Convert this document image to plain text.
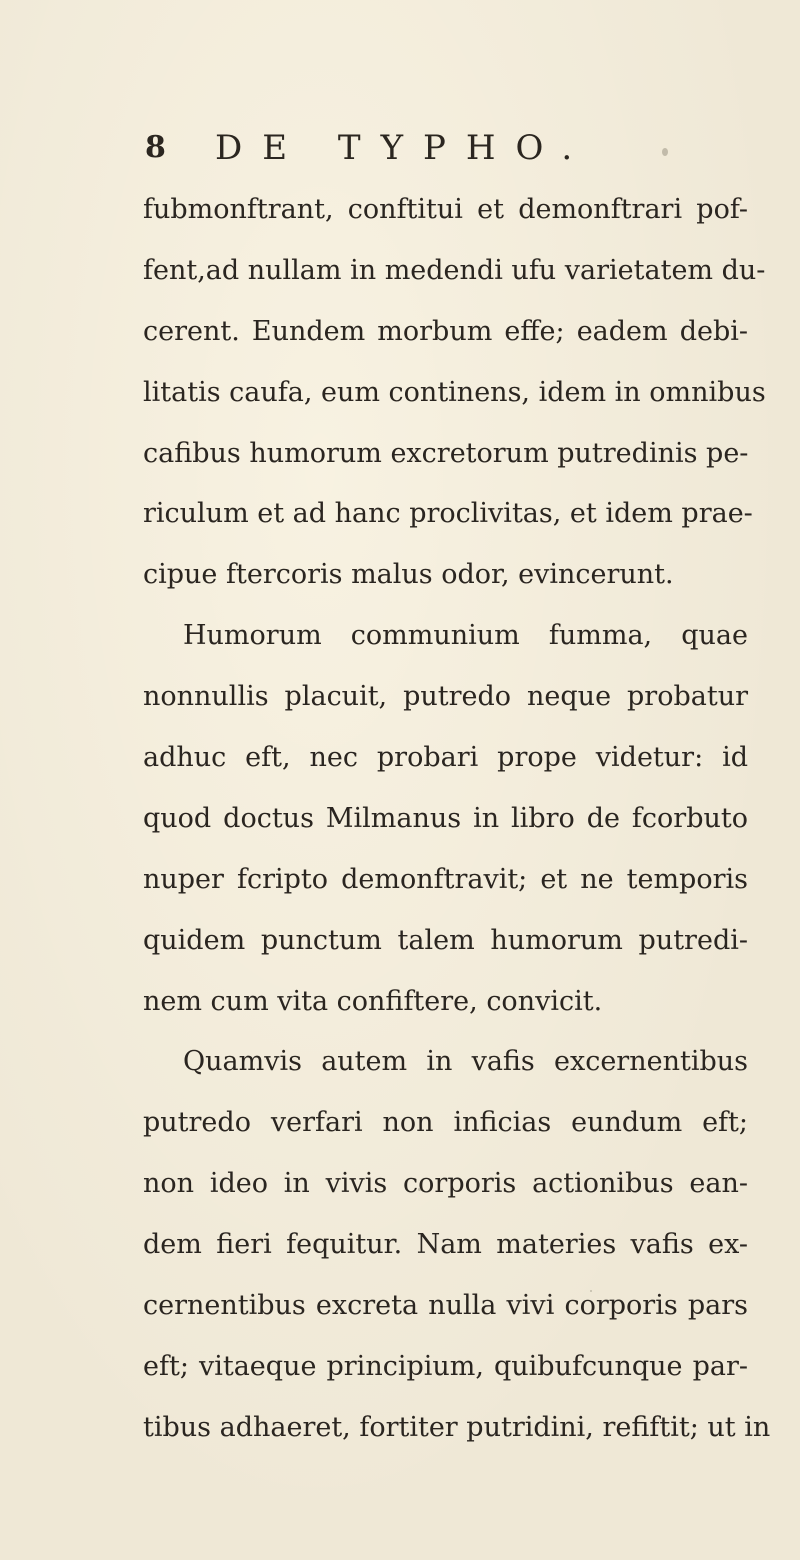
8 DE TYPHO.
fubmonftrant, conftitui et demonftrari pof-
fent,ad nullam in medendi ufu varietatem du-
cerent. Eundem morbum effe; eadem debi-
litatis caufa, eum continens, idem in omnibus
cafibus humorum excretorum putredinis pe-
riculum et ad hanc proclivitas, et idem prae-
cipue ftercoris malus odor, evincerunt.
Humorum communium fumma, quae
nonnullis placuit, putredo neque probatur
adhuc eft, nec probari prope videtur: id
quod doctus Milmanus in libro de fcorbuto
nuper fcripto demonftravit; et ne temporis
quidem punctum talem humorum putredi-
nem cum vita confiftere, convicit.
Quamvis autem in vafis excernentibus
putredo verfari non inficias eundum eft;
non ideo in vivis corporis actionibus ean-
dem fieri fequitur. Nam materies vafis ex-
cernentibus excreta nulla vivi corporis pars
eft; vitaeque principium, quibufcunque par-
tibus adhaeret, fortiter putridini, refiftit; ut in
